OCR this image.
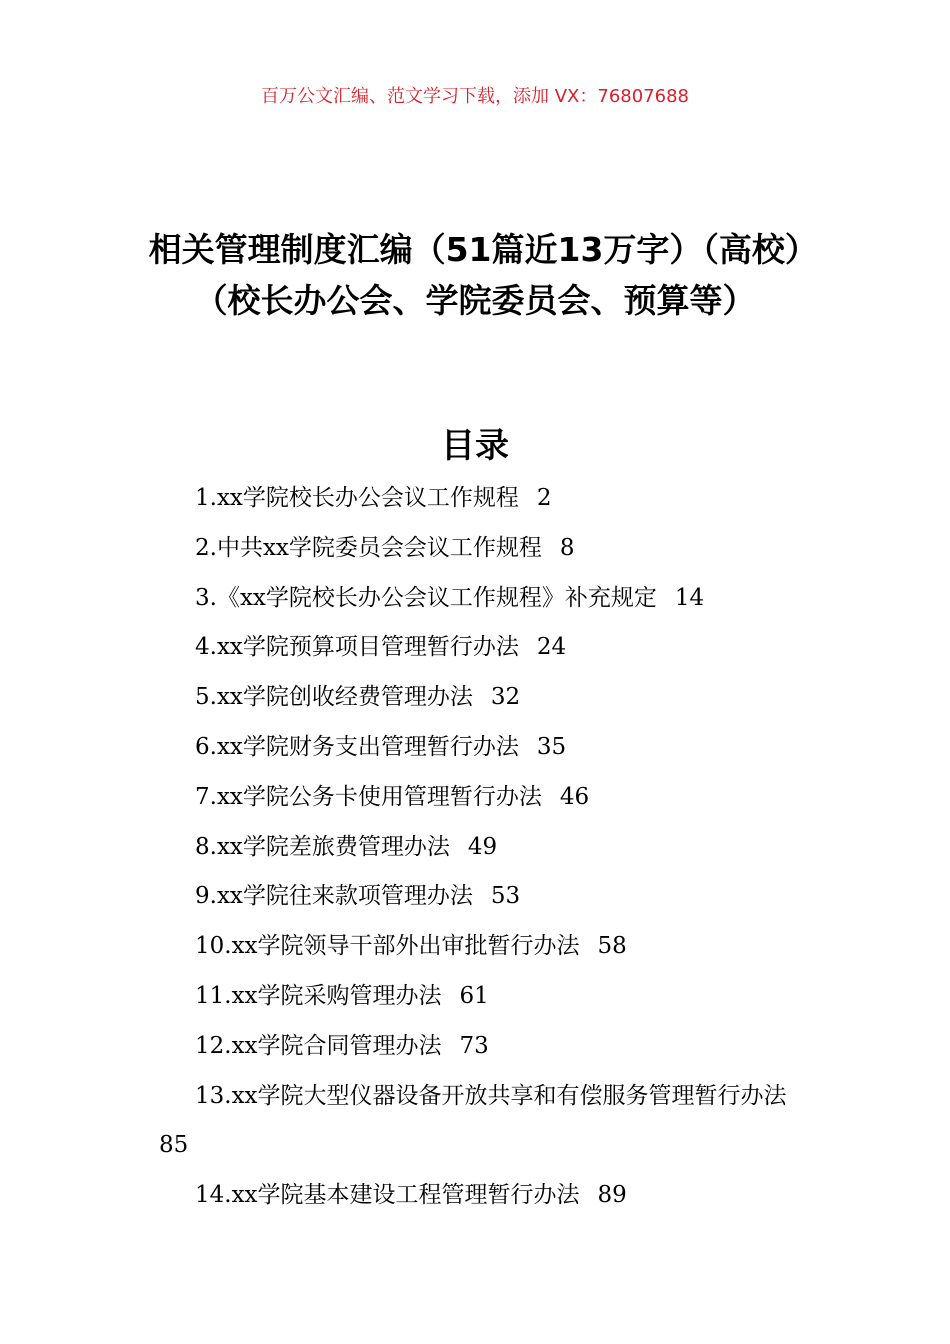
百万公文汇编、范文学习下载，添加 VX：76807688
相关管理制度汇编（51篇近13万字）（高校）（校长办公会、学院委员会、预算等）
目录
1.xx学院校长办公会议工作规程 2
2.中共xx学院委员会会议工作规程 8
3.《xx学院校长办公会议工作规程》补充规定 14
4.xx学院预算项目管理暂行办法 24
5.xx学院创收经费管理办法 32
6.xx学院财务支出管理暂行办法 35
7.xx学院公务卡使用管理暂行办法 46
8.xx学院差旅费管理办法 49
9.xx学院往来款项管理办法 53
10.xx学院领导干部外出审批暂行办法 58
11.xx学院采购管理办法 61
12.xx学院合同管理办法 73
13.xx学院大型仪器设备开放共享和有偿服务管理暂行办法85
14.xx学院基本建设工程管理暂行办法 89
